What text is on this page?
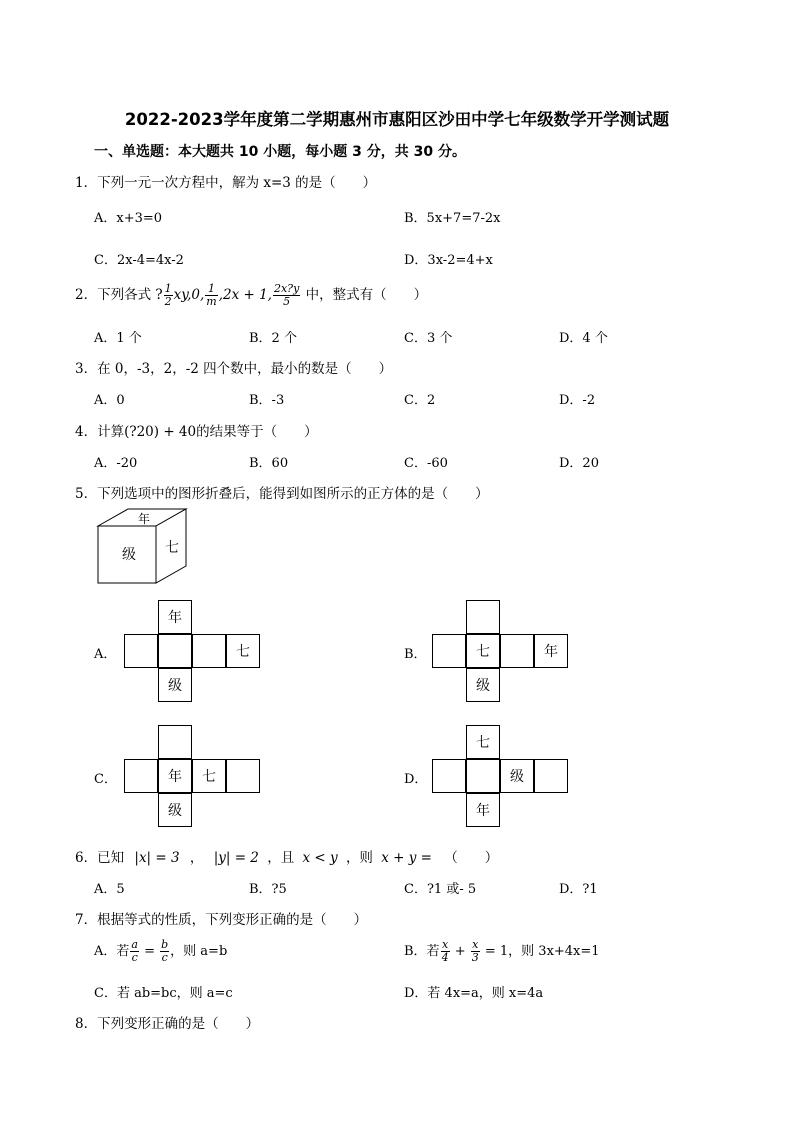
2022-2023学年度第二学期惠州市惠阳区沙田中学七年级数学开学测试题
一、单选题：本大题共 10 小题，每小题 3 分，共 30 分。
1．下列一元一次方程中，解为 x=3 的是（　　）
A．x+3=0	B．5x+7=7-2x
C．2x-4=4x-2	D．3x-2=4+x
2．下列各式 ? $\frac{1}{2} xy,0$, $\frac{1}{m} ,2x + 1$, $\frac{2x?y}{5}$ 中，整式有（　　）
A．1 个	B．2 个	C．3 个	D．4 个
3．在 0，-3，2，-2 四个数中，最小的数是（　　）
A．0	B．-3	C．2	D．-2
4．计算(?20) + 40的结果等于（　　）
A．-20	B．60	C．-60	D．20
5．下列选项中的图形折叠后，能得到如图所示的正方体的是（　　）
年
级 七
A．
年
七
级
B．	七	年
级
C．	年	七
级
D．
七
级
年
6．已知 |x| = 3 ， |y| = 2 ，且 x < y ，则 x + y = （　　）
A．5	B．?5	C．?1 或- 5	D．?1
7．根据等式的性质，下列变形正确的是（　　）
A．若 $\frac{a}{c} = \frac{b}{c}$ ，则 a=b	B．若 $\frac{x}{4} + \frac{x}{3} = 1$，则 3x+4x=1
C．若 ab=bc，则 a=c	D．若 4x=a，则 x=4a
8．下列变形正确的是（　　）
